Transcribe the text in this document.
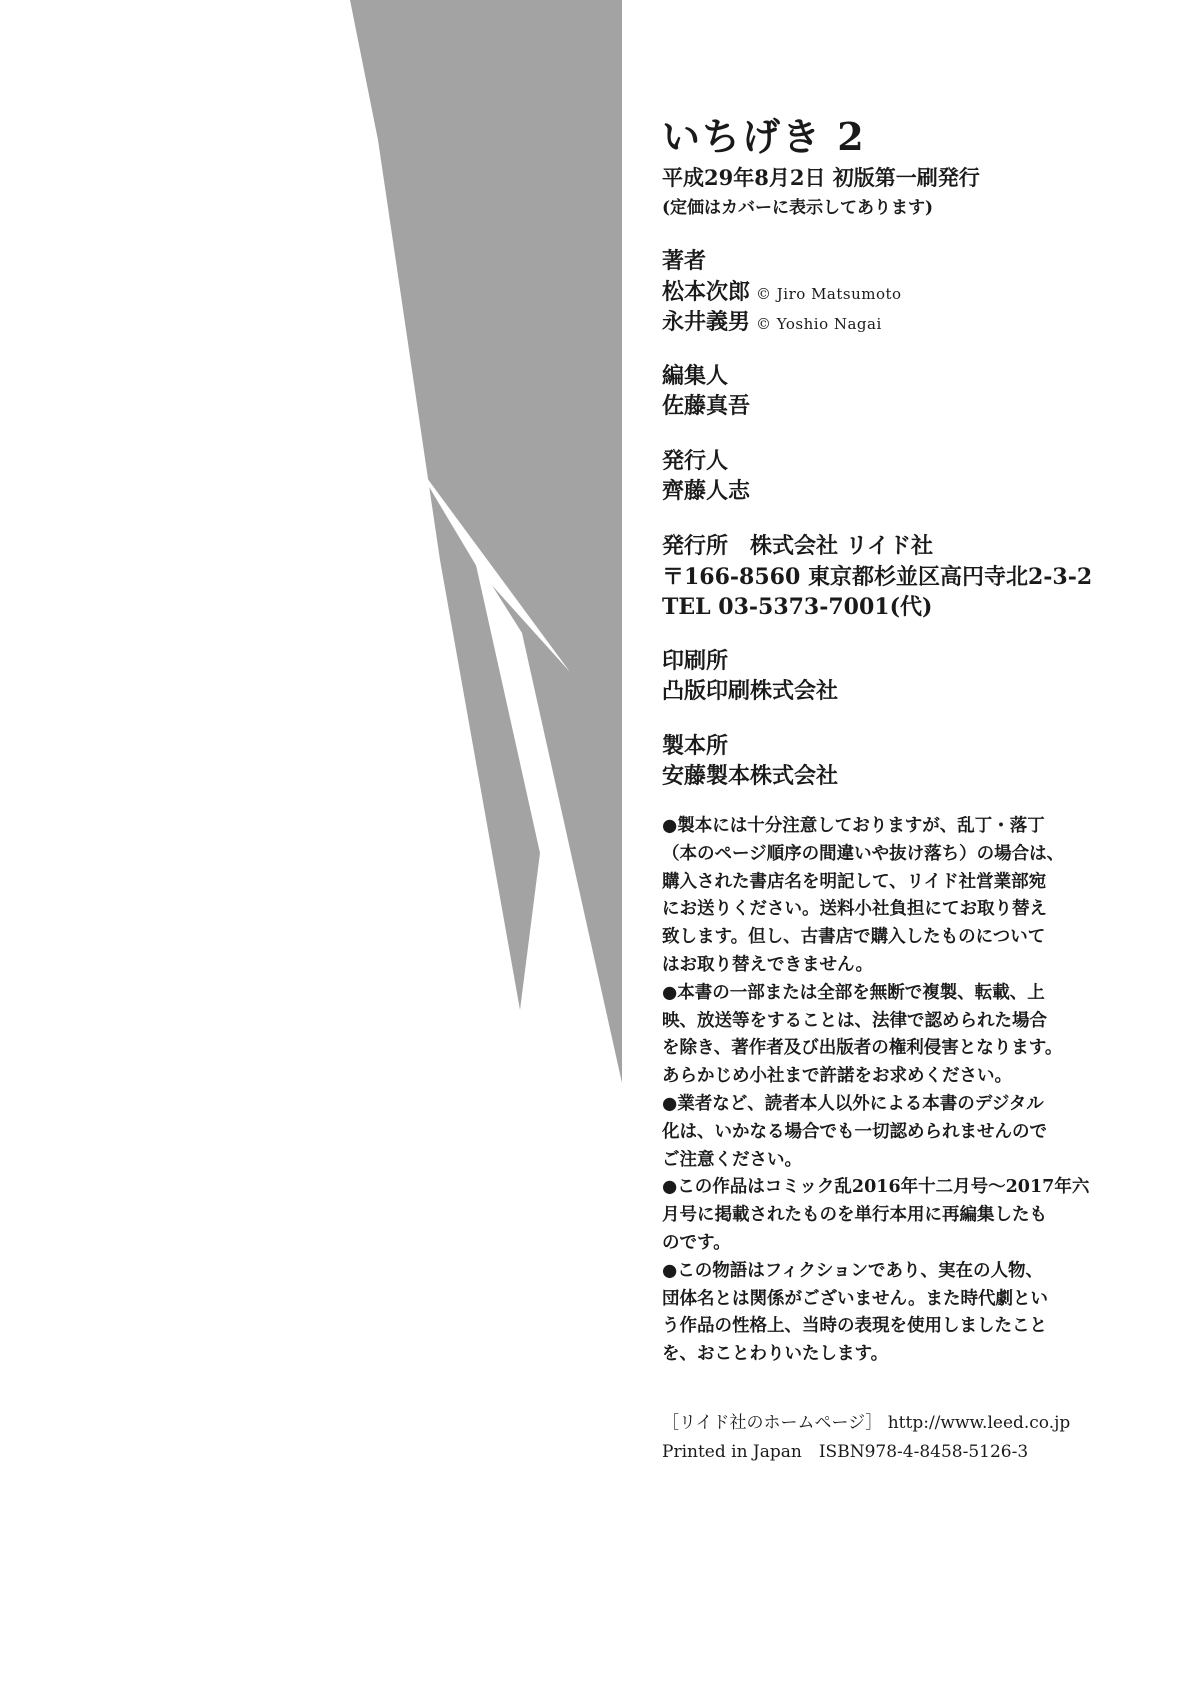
いちげき 2
平成29年8月2日 初版第一刷発行
(定価はカバーに表示してあります)
著者
松本次郎 © Jiro Matsumoto
永井義男 © Yoshio Nagai
編集人
佐藤真吾
発行人
齊藤人志
発行所　株式会社 リイド社
〒166-8560 東京都杉並区高円寺北2-3-2
TEL 03-5373-7001(代)
印刷所
凸版印刷株式会社
製本所
安藤製本株式会社

●製本には十分注意しておりますが、乱丁・落丁

（本のページ順序の間違いや抜け落ち）の場合は、

購入された書店名を明記して、リイド社営業部宛

にお送りください。送料小社負担にてお取り替え

致します。但し、古書店で購入したものについて

はお取り替えできません。

●本書の一部または全部を無断で複製、転載、上

映、放送等をすることは、法律で認められた場合

を除き、著作者及び出版者の権利侵害となります。

あらかじめ小社まで許諾をお求めください。

●業者など、読者本人以外による本書のデジタル

化は、いかなる場合でも一切認められませんので

ご注意ください。

●この作品はコミック乱2016年十二月号〜2017年六

月号に掲載されたものを単行本用に再編集したも

のです。

●この物語はフィクションであり、実在の人物、

団体名とは関係がございません。また時代劇とい

う作品の性格上、当時の表現を使用しましたこと

を、おことわりいたします。

［リイド社のホームページ］ http://www.leed.co.jp
Printed in Japan　ISBN978-4-8458-5126-3
